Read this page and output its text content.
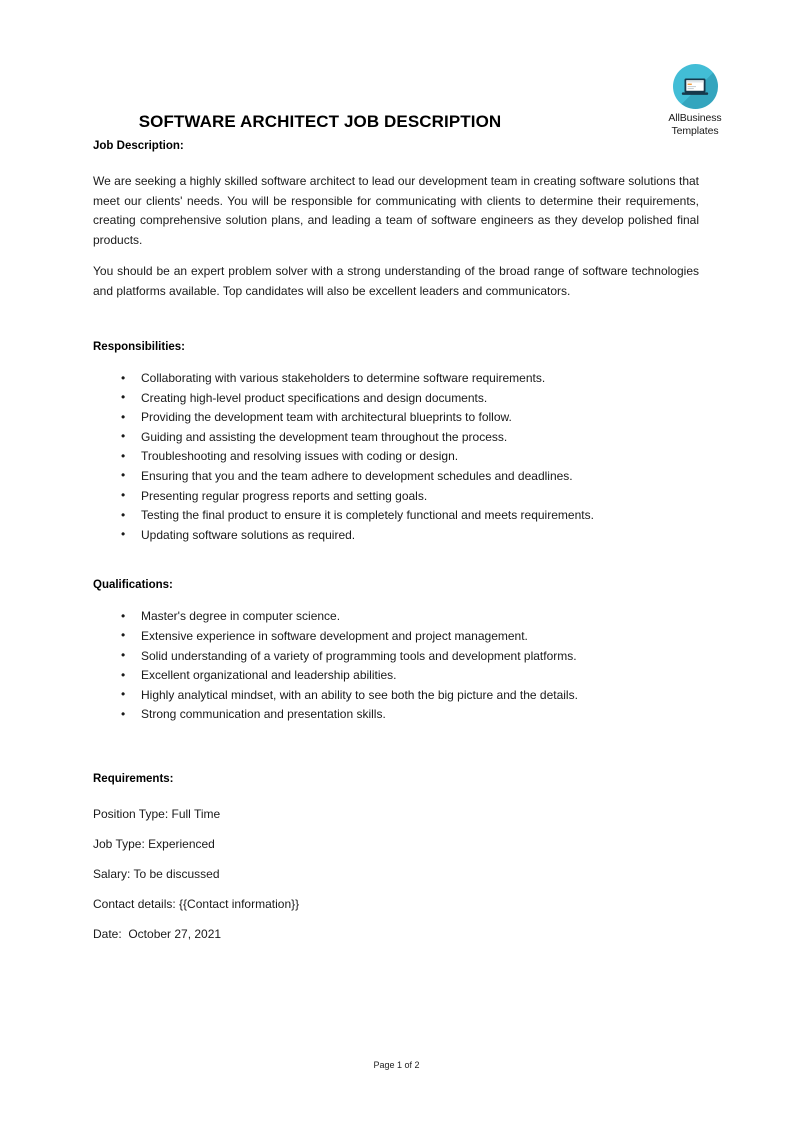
AllBusiness
Templates
SOFTWARE ARCHITECT JOB DESCRIPTION
Job Description:

We are seeking a highly skilled software architect to lead our development team in creating software solutions that meet our clients' needs. You will be responsible for communicating with clients to determine their requirements, creating comprehensive solution plans, and leading a team of software engineers as they develop polished final products.

You should be an expert problem solver with a strong understanding of the broad range of software technologies and platforms available. Top candidates will also be excellent leaders and communicators.

Responsibilities:
• Collaborating with various stakeholders to determine software requirements.
• Creating high-level product specifications and design documents.
• Providing the development team with architectural blueprints to follow.
• Guiding and assisting the development team throughout the process.
• Troubleshooting and resolving issues with coding or design.
• Ensuring that you and the team adhere to development schedules and deadlines.
• Presenting regular progress reports and setting goals.
• Testing the final product to ensure it is completely functional and meets requirements.
• Updating software solutions as required.
Qualifications:
• Master's degree in computer science.
• Extensive experience in software development and project management.
• Solid understanding of a variety of programming tools and development platforms.
• Excellent organizational and leadership abilities.
• Highly analytical mindset, with an ability to see both the big picture and the details.
• Strong communication and presentation skills.
Requirements:

Position Type: Full Time

Job Type: Experienced

Salary: To be discussed

Contact details: {{Contact information}}

Date:  October 27, 2021

Page 1 of 2
